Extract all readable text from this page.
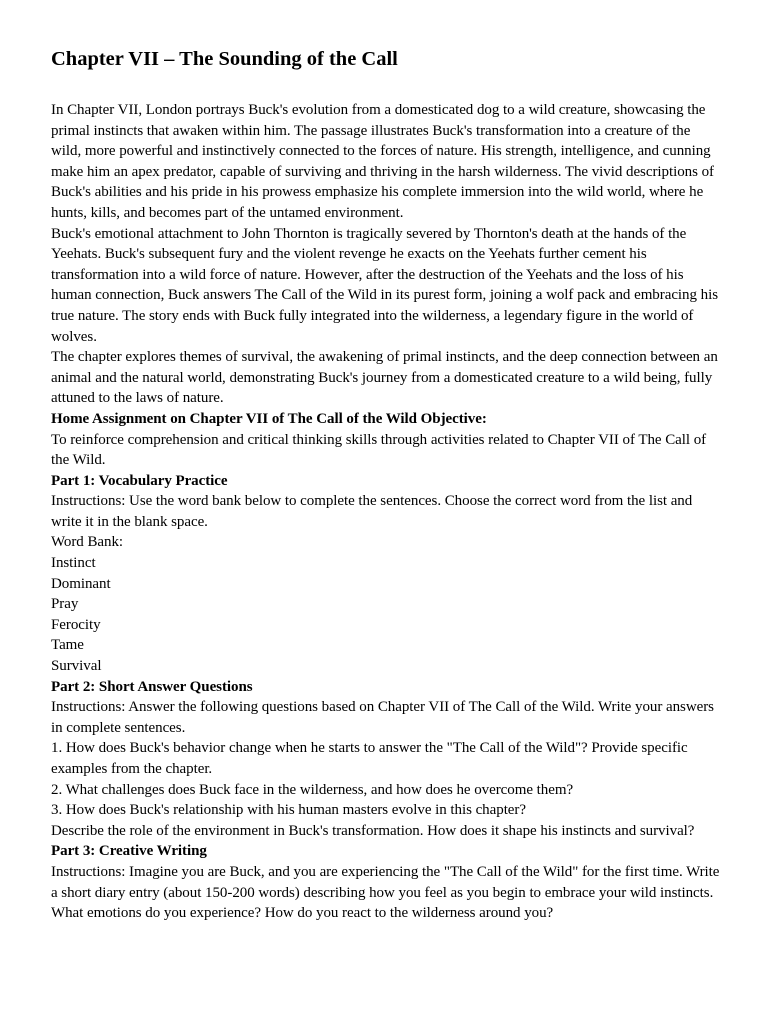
Chapter VII – The Sounding of the Call

In Chapter VII, London portrays Buck's evolution from a domesticated dog to a wild creature, showcasing the primal instincts that awaken within him. The passage illustrates Buck's transformation into a creature of the wild, more powerful and instinctively connected to the forces of nature. His strength, intelligence, and cunning make him an apex predator, capable of surviving and thriving in the harsh wilderness. The vivid descriptions of Buck's abilities and his pride in his prowess emphasize his complete immersion into the wild world, where he hunts, kills, and becomes part of the untamed environment.

Buck's emotional attachment to John Thornton is tragically severed by Thornton's death at the hands of the Yeehats. Buck's subsequent fury and the violent revenge he exacts on the Yeehats further cement his transformation into a wild force of nature. However, after the destruction of the Yeehats and the loss of his human connection, Buck answers The Call of the Wild in its purest form, joining a wolf pack and embracing his true nature. The story ends with Buck fully integrated into the wilderness, a legendary figure in the world of wolves.

The chapter explores themes of survival, the awakening of primal instincts, and the deep connection between an animal and the natural world, demonstrating Buck's journey from a domesticated creature to a wild being, fully attuned to the laws of nature.

Home Assignment on Chapter VII of The Call of the Wild Objective:

To reinforce comprehension and critical thinking skills through activities related to Chapter VII of The Call of the Wild.

Part 1: Vocabulary Practice

Instructions: Use the word bank below to complete the sentences. Choose the correct word from the list and write it in the blank space.

Word Bank:

Instinct

Dominant

Pray

Ferocity

Tame

Survival

Part 2: Short Answer Questions

Instructions: Answer the following questions based on Chapter VII of The Call of the Wild. Write your answers in complete sentences.

1. How does Buck's behavior change when he starts to answer the "The Call of the Wild"? Provide specific examples from the chapter.

2. What challenges does Buck face in the wilderness, and how does he overcome them?

3. How does Buck's relationship with his human masters evolve in this chapter?

Describe the role of the environment in Buck's transformation. How does it shape his instincts and survival?

Part 3: Creative Writing

Instructions: Imagine you are Buck, and you are experiencing the "The Call of the Wild" for the first time. Write a short diary entry (about 150-200 words) describing how you feel as you begin to embrace your wild instincts. What emotions do you experience? How do you react to the wilderness around you?
